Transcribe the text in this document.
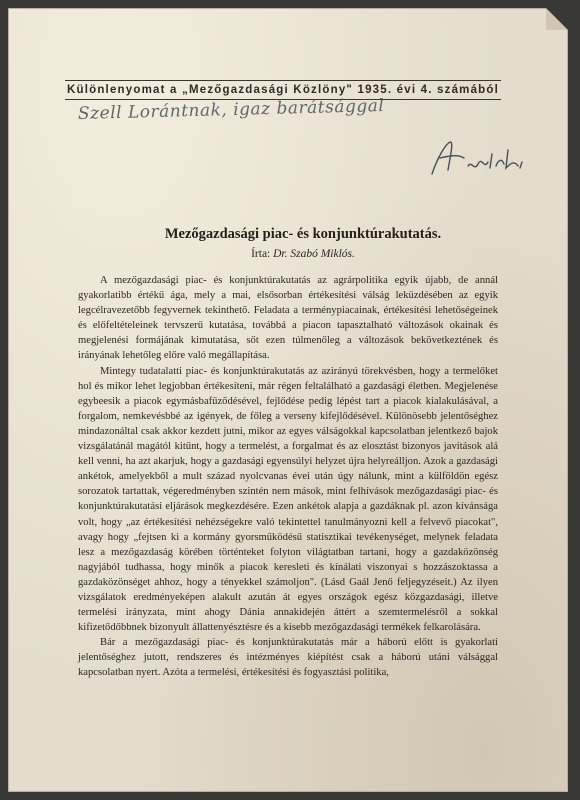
Különlenyomat a „Mezőgazdasági Közlöny" 1935. évi 4. számából
Szell Lorántnak, igaz barátsággal
Mezőgazdasági piac- és konjunktúrakutatás.
Írta: Dr. Szabó Miklós.

A mezőgazdasági piac- és konjunktúrakutatás az agrárpolitika egyik újabb, de annál gyakorlatibb értékű ága, mely a mai, elsősorban értékesítési válság leküzdésében az egyik legcélravezetőbb fegyvernek tekinthető. Feladata a terménypiacainak, értékesítési lehetőségeinek és előfeltételeinek tervszerű kutatása, továbbá a piacon tapasztalható változások okainak és megjelenési formájának kimutatása, sőt ezen túlmenőleg a változások bekövetkeztének és irányának lehetőleg előre való megállapítása.

Mintegy tudatalatti piac- és konjunktúrakutatás az azirányú törekvésben, hogy a termelőket hol és mikor lehet legjobban értékesíteni, már régen feltalálható a gazdasági életben. Megjelenése egybeesik a piacok egymásbafűződésével, fejlődése pedig lépést tart a piacok kialakulásával, a forgalom, nemkevésbbé az igények, de főleg a verseny kifejlődésével. Különösebb jelentőséghez mindazonáltal csak akkor kezdett jutni, mikor az egyes válságokkal kapcsolatban jelentkező bajok vizsgálatánál magától kitűnt, hogy a termelést, a forgalmat és az elosztást bizonyos javítások alá kell venni, ha azt akarjuk, hogy a gazdasági egyensúlyi helyzet újra helyreálljon. Azok a gazdasági ankétok, amelyekből a mult század nyolcvanas évei után úgy nálunk, mint a külföldön egész sorozatok tartattak, végeredményben szintén nem mások, mint felhívások mezőgazdasági piac- és konjunktúrakutatási eljárások megkezdésére. Ezen ankétok alapja a gazdáknak pl. azon kívánsága volt, hogy „az értékesítési nehézségekre való tekintettel tanulmányozni kell a felvevő piacokat", avagy hogy „fejtsen ki a kormány gyorsműködésű statisztikai tevékenységet, melynek feladata lesz a mezőgazdaság körében történteket folyton világtatban tartani, hogy a gazdaközönség nagyjából tudhassa, hogy minők a piacok keresleti és kínálati viszonyai s hozzászoktassa a gazdaközönséget ahhoz, hogy a tényekkel számoljon". (Lásd Gaál Jenő feljegyzéseit.) Az ilyen vizsgálatok eredményeképen alakult azután át egyes országok egész közgazdasági, illetve termelési irányzata, mint ahogy Dánia annakidején áttért a szemtermelésről a sokkal kifizetődőbbnek bizonyult állattenyésztésre és a kisebb mezőgazdasági termékek felkarolására.

Bár a mezőgazdasági piac- és konjunktúrakutatás már a háború előtt is gyakorlati jelentőséghez jutott, rendszeres és intézményes kiépítést csak a háború utáni válsággal kapcsolatban nyert. Azóta a termelési, értékesítési és fogyasztási politika,
